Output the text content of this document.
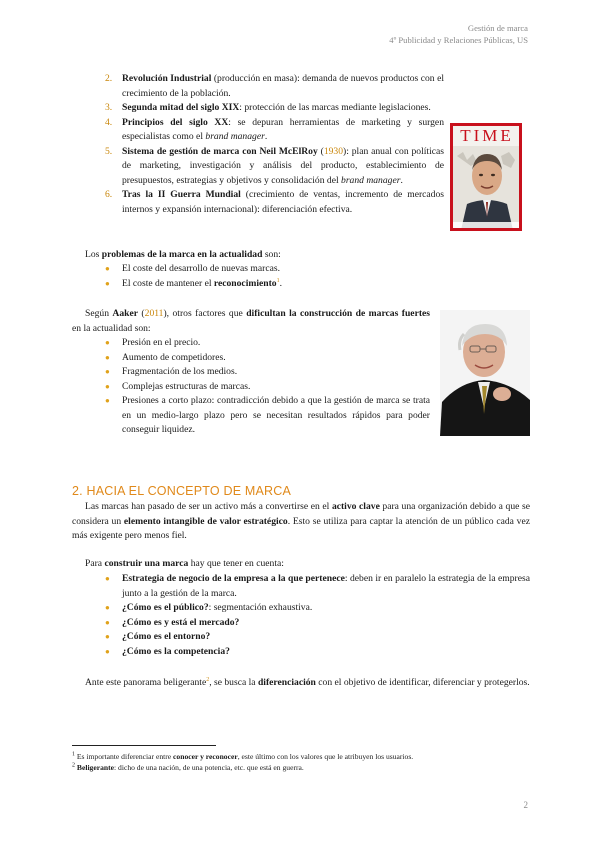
Gestión de marca
4º Publicidad y Relaciones Públicas, US
2. Revolución Industrial (producción en masa): demanda de nuevos productos con el crecimiento de la población.
3. Segunda mitad del siglo XIX: protección de las marcas mediante legislaciones.
4. Principios del siglo XX: se depuran herramientas de marketing y surgen especialistas como el brand manager.
5. Sistema de gestión de marca con Neil McElRoy (1930): plan anual con políticas de marketing, investigación y análisis del producto, establecimiento de presupuestos, estrategias y objetivos y consolidación del brand manager.
6. Tras la II Guerra Mundial (crecimiento de ventas, incremento de mercados internos y expansión internacional): diferenciación efectiva.
TIME
Los problemas de la marca en la actualidad son:
● El coste del desarrollo de nuevas marcas.
● El coste de mantener el reconocimiento$^1$.
Según Aaker (2011), otros factores que dificultan la construcción de marcas fuertes en la actualidad son:
● Presión en el precio.
● Aumento de competidores.
● Fragmentación de los medios.
● Complejas estructuras de marcas.
● Presiones a corto plazo: contradicción debido a que la gestión de marca se trata en un medio-largo plazo pero se necesitan resultados rápidos para poder conseguir liquidez.
2. HACIA EL CONCEPTO DE MARCA
Las marcas han pasado de ser un activo más a convertirse en el activo clave para una organización debido a que se considera un elemento intangible de valor estratégico. Esto se utiliza para captar la atención de un público cada vez más exigente pero menos fiel.
Para construir una marca hay que tener en cuenta:
● Estrategia de negocio de la empresa a la que pertenece: deben ir en paralelo la estrategia de la empresa junto a la gestión de la marca.
● ¿Cómo es el público?: segmentación exhaustiva.
● ¿Cómo es y está el mercado?
● ¿Cómo es el entorno?
● ¿Cómo es la competencia?
Ante este panorama beligerante$^2$, se busca la diferenciación con el objetivo de identificar, diferenciar y protegerlos.
$^1$ Es importante diferenciar entre conocer y reconocer, este último con los valores que le atribuyen los usuarios.
$^2$ Beligerante: dicho de una nación, de una potencia, etc. que está en guerra.
2
